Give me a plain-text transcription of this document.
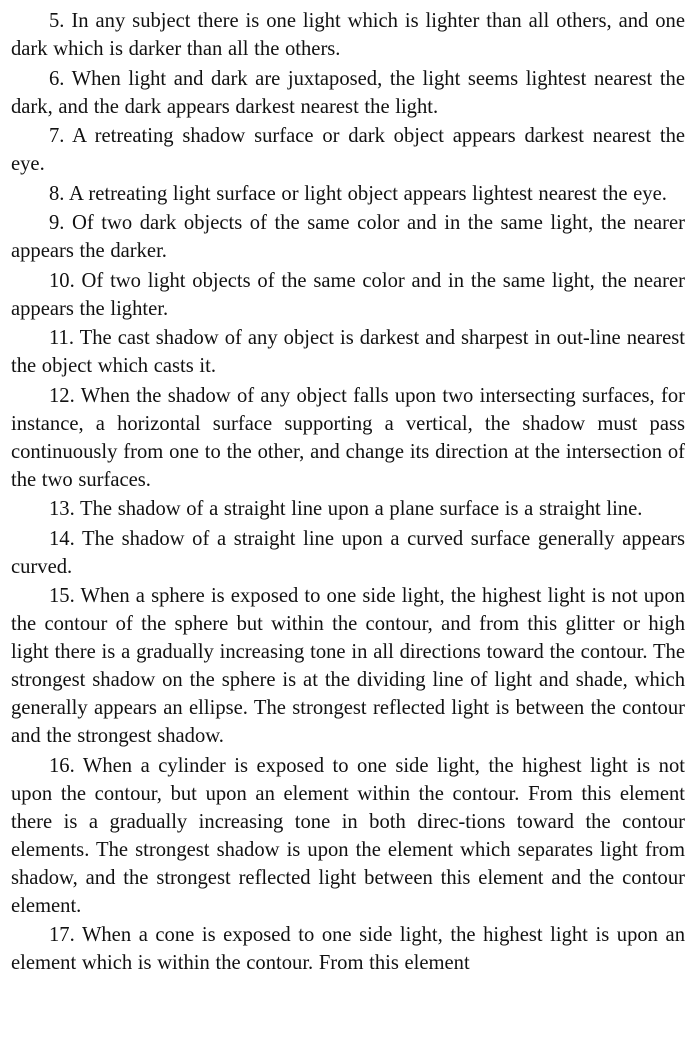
5. In any subject there is one light which is lighter than all others, and one dark which is darker than all the others.

6. When light and dark are juxtaposed, the light seems lightest nearest the dark, and the dark appears darkest nearest the light.

7. A retreating shadow surface or dark object appears darkest nearest the eye.

8. A retreating light surface or light object appears lightest nearest the eye.

9. Of two dark objects of the same color and in the same light, the nearer appears the darker.

10. Of two light objects of the same color and in the same light, the nearer appears the lighter.

11. The cast shadow of any object is darkest and sharpest in out-line nearest the object which casts it.

12. When the shadow of any object falls upon two intersecting surfaces, for instance, a horizontal surface supporting a vertical, the shadow must pass continuously from one to the other, and change its direction at the intersection of the two surfaces.

13. The shadow of a straight line upon a plane surface is a straight line.

14. The shadow of a straight line upon a curved surface generally appears curved.

15. When a sphere is exposed to one side light, the highest light is not upon the contour of the sphere but within the contour, and from this glitter or high light there is a gradually increasing tone in all directions toward the contour. The strongest shadow on the sphere is at the dividing line of light and shade, which generally appears an ellipse. The strongest reflected light is between the contour and the strongest shadow.

16. When a cylinder is exposed to one side light, the highest light is not upon the contour, but upon an element within the contour. From this element there is a gradually increasing tone in both direc-tions toward the contour elements. The strongest shadow is upon the element which separates light from shadow, and the strongest reflected light between this element and the contour element.

17. When a cone is exposed to one side light, the highest light is upon an element which is within the contour. From this element
